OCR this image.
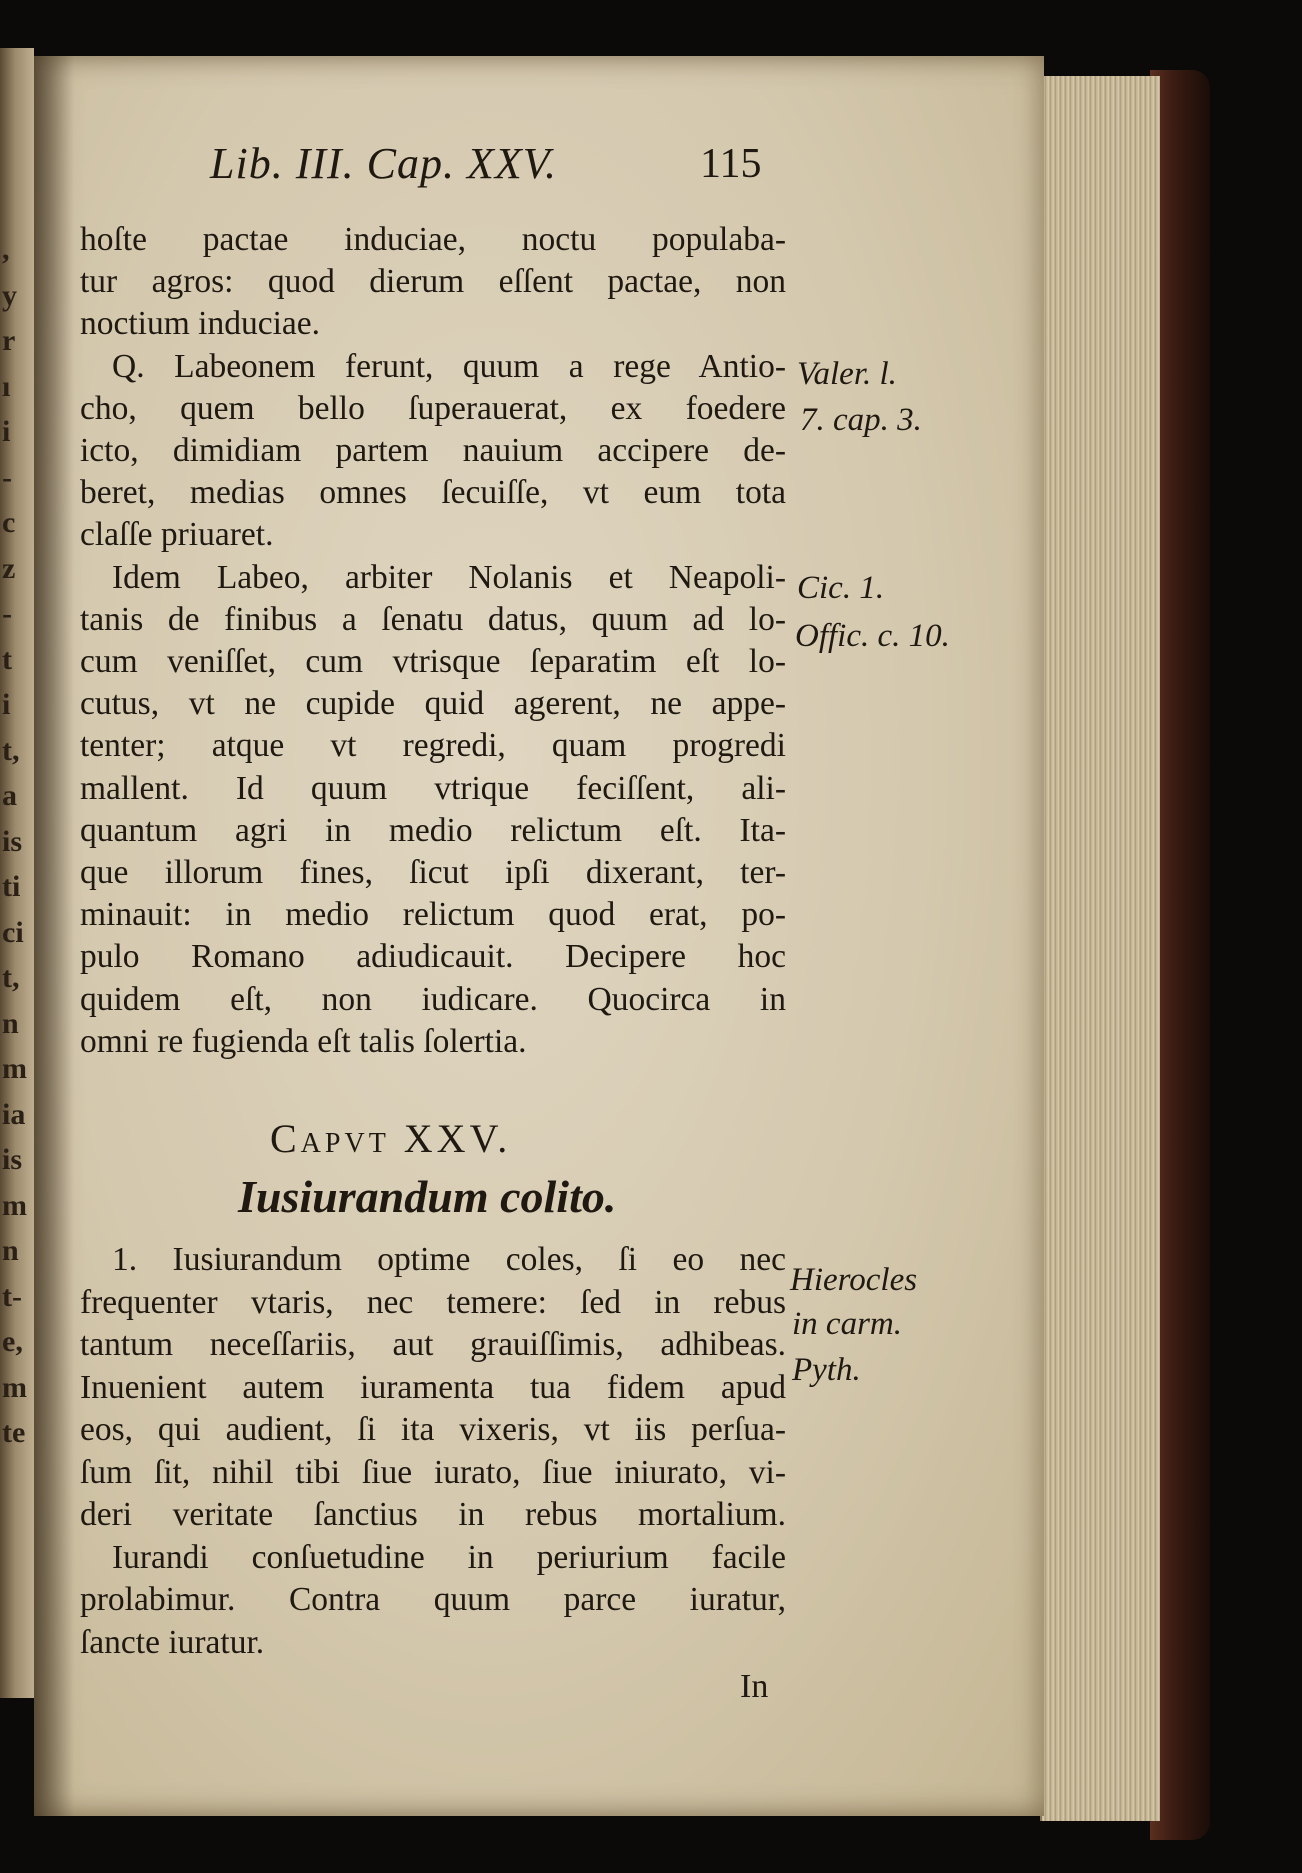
Lib. III. Cap. XXV.	115
hoſte pactae induciae, noctu populaba-
tur agros: quod dierum eſſent pactae, non
noctium induciae.
Q. Labeonem ferunt, quum a rege Antio-
cho, quem bello ſuperauerat, ex foedere
icto, dimidiam partem nauium accipere de-
beret, medias omnes ſecuiſſe, vt eum tota
claſſe priuaret.
Idem Labeo, arbiter Nolanis et Neapoli-
tanis de finibus a ſenatu datus, quum ad lo-
cum veniſſet, cum vtrisque ſeparatim eſt lo-
cutus, vt ne cupide quid agerent, ne appe-
tenter; atque vt regredi, quam progredi
mallent. Id quum vtrique feciſſent, ali-
quantum agri in medio relictum eſt. Ita-
que illorum fines, ſicut ipſi dixerant, ter-
minauit: in medio relictum quod erat, po-
pulo Romano adiudicauit. Decipere hoc
quidem eſt, non iudicare. Quocirca in
omni re fugienda eſt talis ſolertia.
Valer. l.
7. cap. 3.
Cic. 1.
Offic. c. 10.
Capvt XXV.
Iusiurandum colito.
1. Iusiurandum optime coles, ſi eo nec
frequenter vtaris, nec temere: ſed in rebus
tantum neceſſariis, aut grauiſſimis, adhibeas.
Inuenient autem iuramenta tua fidem apud
eos, qui audient, ſi ita vixeris, vt iis perſua-
ſum ſit, nihil tibi ſiue iurato, ſiue iniurato, vi-
deri veritate ſanctius in rebus mortalium.
Iurandi conſuetudine in periurium facile
prolabimur. Contra quum parce iuratur,
ſancte iuratur.
Hierocles
in carm.
Pyth.
In
,
y
r
ı
i
-
c
z
-
t
i
t,
a
is
ti
ci
t,
n
m
ia
is
m
n
t-
e,
m
te
